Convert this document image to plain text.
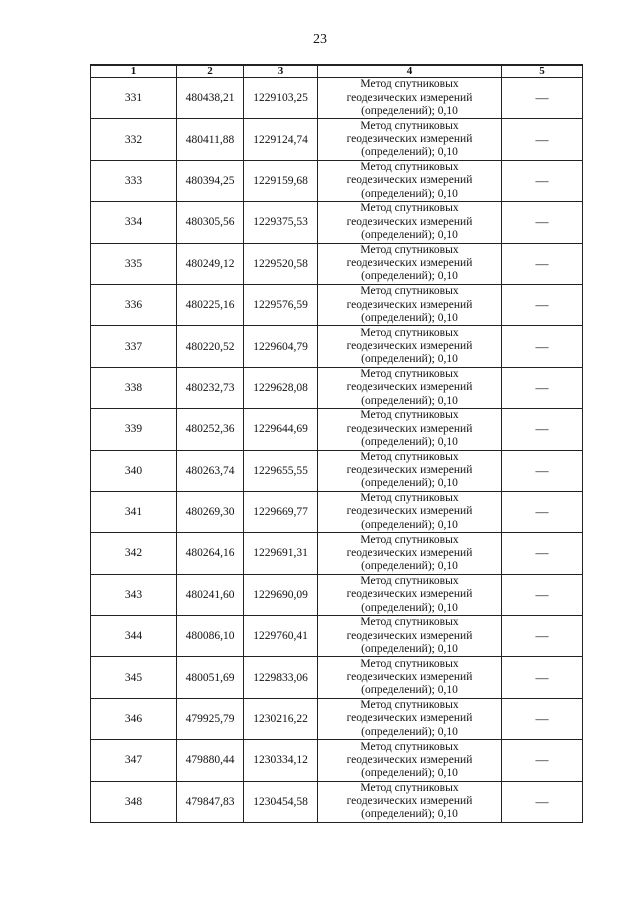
23
1	2	3	4	5
331	480438,21	1229103,25	Метод спутниковых
геодезических измерений
(определений); 0,10	—
332	480411,88	1229124,74	Метод спутниковых
геодезических измерений
(определений); 0,10	—
333	480394,25	1229159,68	Метод спутниковых
геодезических измерений
(определений); 0,10	—
334	480305,56	1229375,53	Метод спутниковых
геодезических измерений
(определений); 0,10	—
335	480249,12	1229520,58	Метод спутниковых
геодезических измерений
(определений); 0,10	—
336	480225,16	1229576,59	Метод спутниковых
геодезических измерений
(определений); 0,10	—
337	480220,52	1229604,79	Метод спутниковых
геодезических измерений
(определений); 0,10	—
338	480232,73	1229628,08	Метод спутниковых
геодезических измерений
(определений); 0,10	—
339	480252,36	1229644,69	Метод спутниковых
геодезических измерений
(определений); 0,10	—
340	480263,74	1229655,55	Метод спутниковых
геодезических измерений
(определений); 0,10	—
341	480269,30	1229669,77	Метод спутниковых
геодезических измерений
(определений); 0,10	—
342	480264,16	1229691,31	Метод спутниковых
геодезических измерений
(определений); 0,10	—
343	480241,60	1229690,09	Метод спутниковых
геодезических измерений
(определений); 0,10	—
344	480086,10	1229760,41	Метод спутниковых
геодезических измерений
(определений); 0,10	—
345	480051,69	1229833,06	Метод спутниковых
геодезических измерений
(определений); 0,10	—
346	479925,79	1230216,22	Метод спутниковых
геодезических измерений
(определений); 0,10	—
347	479880,44	1230334,12	Метод спутниковых
геодезических измерений
(определений); 0,10	—
348	479847,83	1230454,58	Метод спутниковых
геодезических измерений
(определений); 0,10	—
